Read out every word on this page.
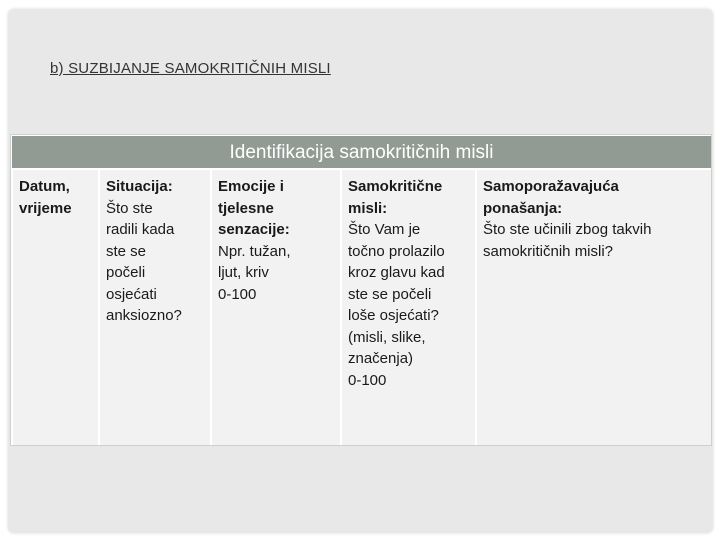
b) SUZBIJANJE SAMOKRITIČNIH MISLI
Identifikacija samokritičnih misli
Datum,
vrijeme
Situacija:
Što ste
radili kada
ste se
počeli
osjećati
anksiozno?
Emocije i
tjelesne
senzacije:
Npr. tužan,
ljut, kriv
0-100
Samokritične
misli:
Što Vam je
točno prolazilo
kroz glavu kad
ste se počeli
loše osjećati?
(misli, slike,
značenja)
0-100
Samoporažavajuća
ponašanja:
Što ste učinili zbog takvih
samokritičnih misli?
